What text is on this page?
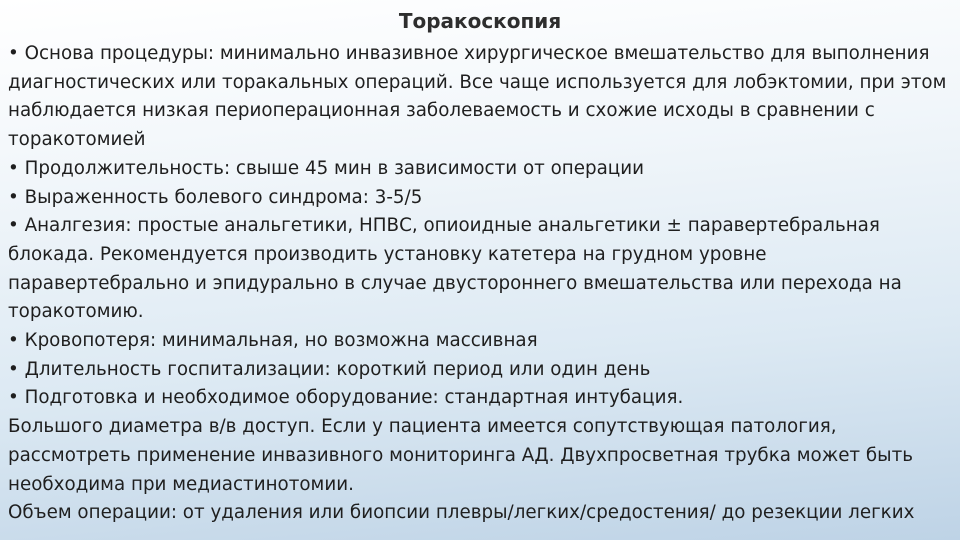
Торакоскопия

• Основа процедуры: минимально инвазивное хирургическое вмешательство для выполнения диагностических или торакальных операций. Все чаще используется для лобэктомии, при этом наблюдается низкая периоперационная заболеваемость и схожие исходы в сравнении с торакотомией

• Продолжительность: свыше 45 мин в зависимости от операции

• Выраженность болевого синдрома: 3-5/5

• Аналгезия: простые анальгетики, НПВС, опиоидные анальгетики ± паравертебральная блокада. Рекомендуется производить установку катетера на грудном уровне паравертебрально и эпидурально в случае двустороннего вмешательства или перехода на торакотомию.

• Кровопотеря: минимальная, но возможна массивная

• Длительность госпитализации: короткий период или один день

• Подготовка и необходимое оборудование: стандартная интубация.

Большого диаметра в/в доступ. Если у пациента имеется сопутствующая патология, рассмотреть применение инвазивного мониторинга АД. Двухпросветная трубка может быть необходима при медиастинотомии.

Объем операции: от удаления или биопсии плевры/легких/средостения/ до резекции легких
